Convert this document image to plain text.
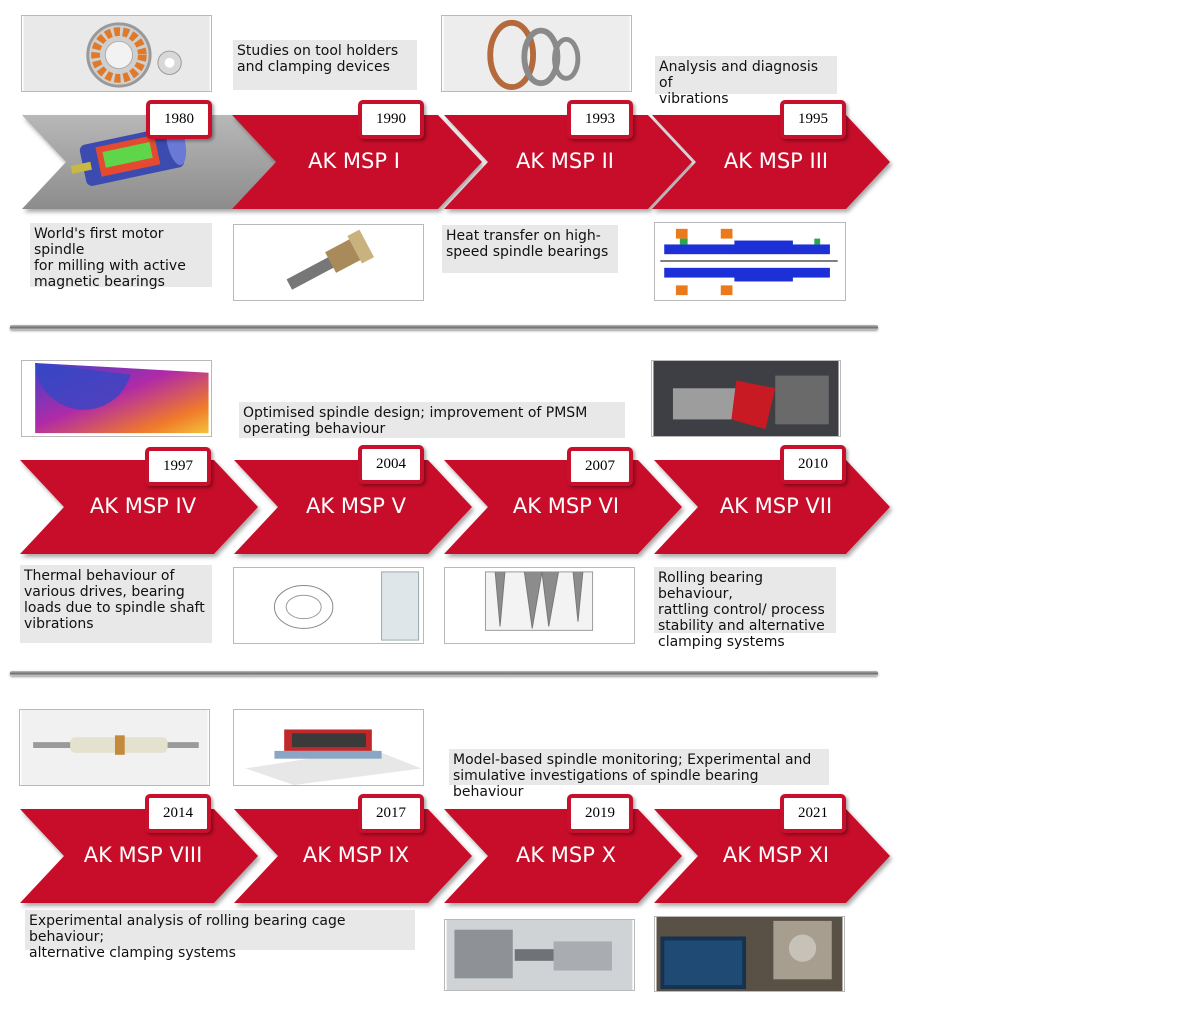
AK MSP I	AK MSP II	AK MSP III
AK MSP IV	AK MSP V	AK MSP VI	AK MSP VII
AK MSP VIII	AK MSP IX	AK MSP X	AK MSP XI
1980	1990	1993	1995
1997	2004	2007	2010
2014	2017	2019	2021
Studies on tool holders
and clamping devices	Analysis and diagnosis of
vibrations
World's first motor spindle
for milling with active
magnetic bearings
Heat transfer on high-
speed spindle bearings
Optimised spindle design; improvement of PMSM
operating behaviour
Thermal behaviour of
various drives, bearing
loads due to spindle shaft
vibrations
Rolling bearing behaviour,
rattling control/ process
stability and alternative
clamping systems
Model-based spindle monitoring; Experimental and
simulative investigations of spindle bearing behaviour
Experimental analysis of rolling bearing cage behaviour;
alternative clamping systems
